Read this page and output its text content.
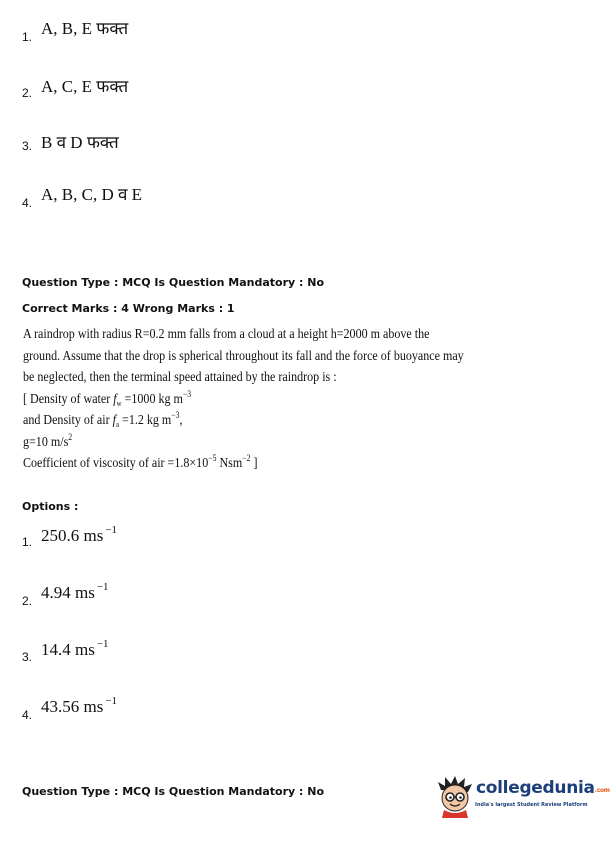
1. A, B, E फक्त
2. A, C, E फक्त
3. B व D फक्त
4. A, B, C, D व E
Question Type : MCQ Is Question Mandatory : No
Correct Marks : 4 Wrong Marks : 1
A raindrop with radius R=0.2 mm falls from a cloud at a height h=2000 m above the
ground. Assume that the drop is spherical throughout its fall and the force of buoyance may
be neglected, then the terminal speed attained by the raindrop is :
[ Density of water $f_w =1000$ kg $m^{-3}$
and Density of air $f_a =1.2$ kg $m^{-3}$,
g=10 $m/s^2$
Coefficient of viscosity of air $=1.8\times 10^{-5}$ Nsm$^{-2}$ ]
Options :
1. 250.6 ms $^{-1}$
2. 4.94 ms $^{-1}$
3. 14.4 ms $^{-1}$
4. 43.56 ms $^{-1}$
Question Type : MCQ Is Question Mandatory : No	collegedunia.com
India's largest Student Review Platform
